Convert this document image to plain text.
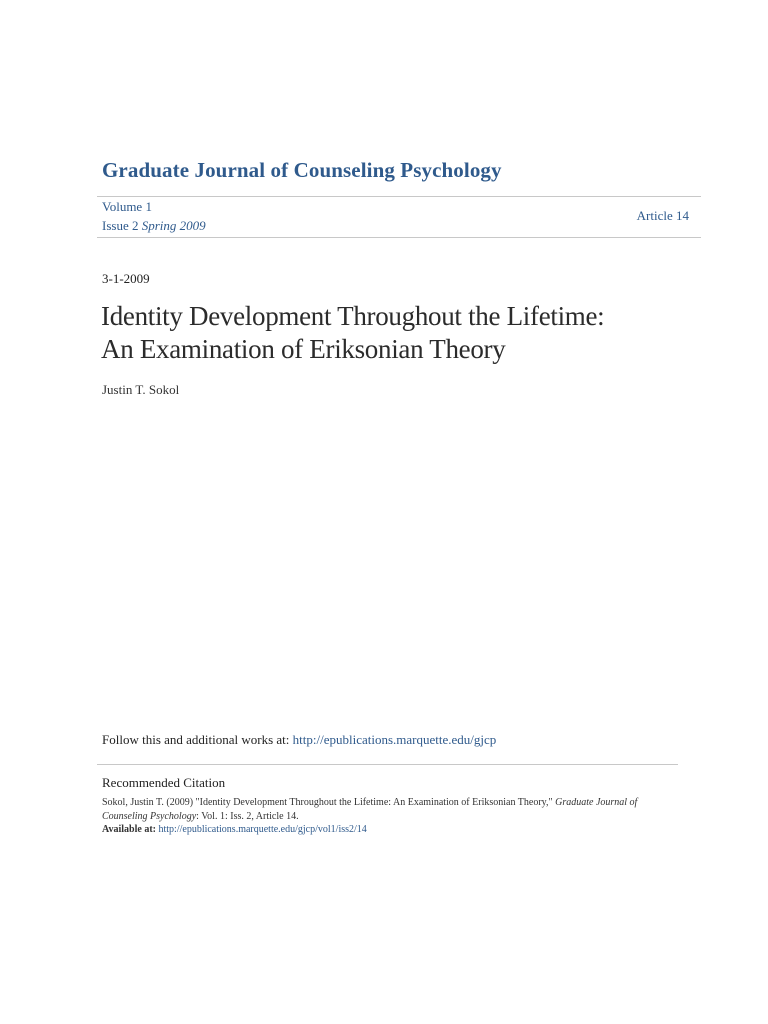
Graduate Journal of Counseling Psychology
Volume 1
Issue 2 Spring 2009
Article 14
3-1-2009
Identity Development Throughout the Lifetime:
An Examination of Eriksonian Theory
Justin T. Sokol
Follow this and additional works at: http://epublications.marquette.edu/gjcp
Recommended Citation
Sokol, Justin T. (2009) "Identity Development Throughout the Lifetime: An Examination of Eriksonian Theory," Graduate Journal of Counseling Psychology: Vol. 1: Iss. 2, Article 14.
Available at: http://epublications.marquette.edu/gjcp/vol1/iss2/14
